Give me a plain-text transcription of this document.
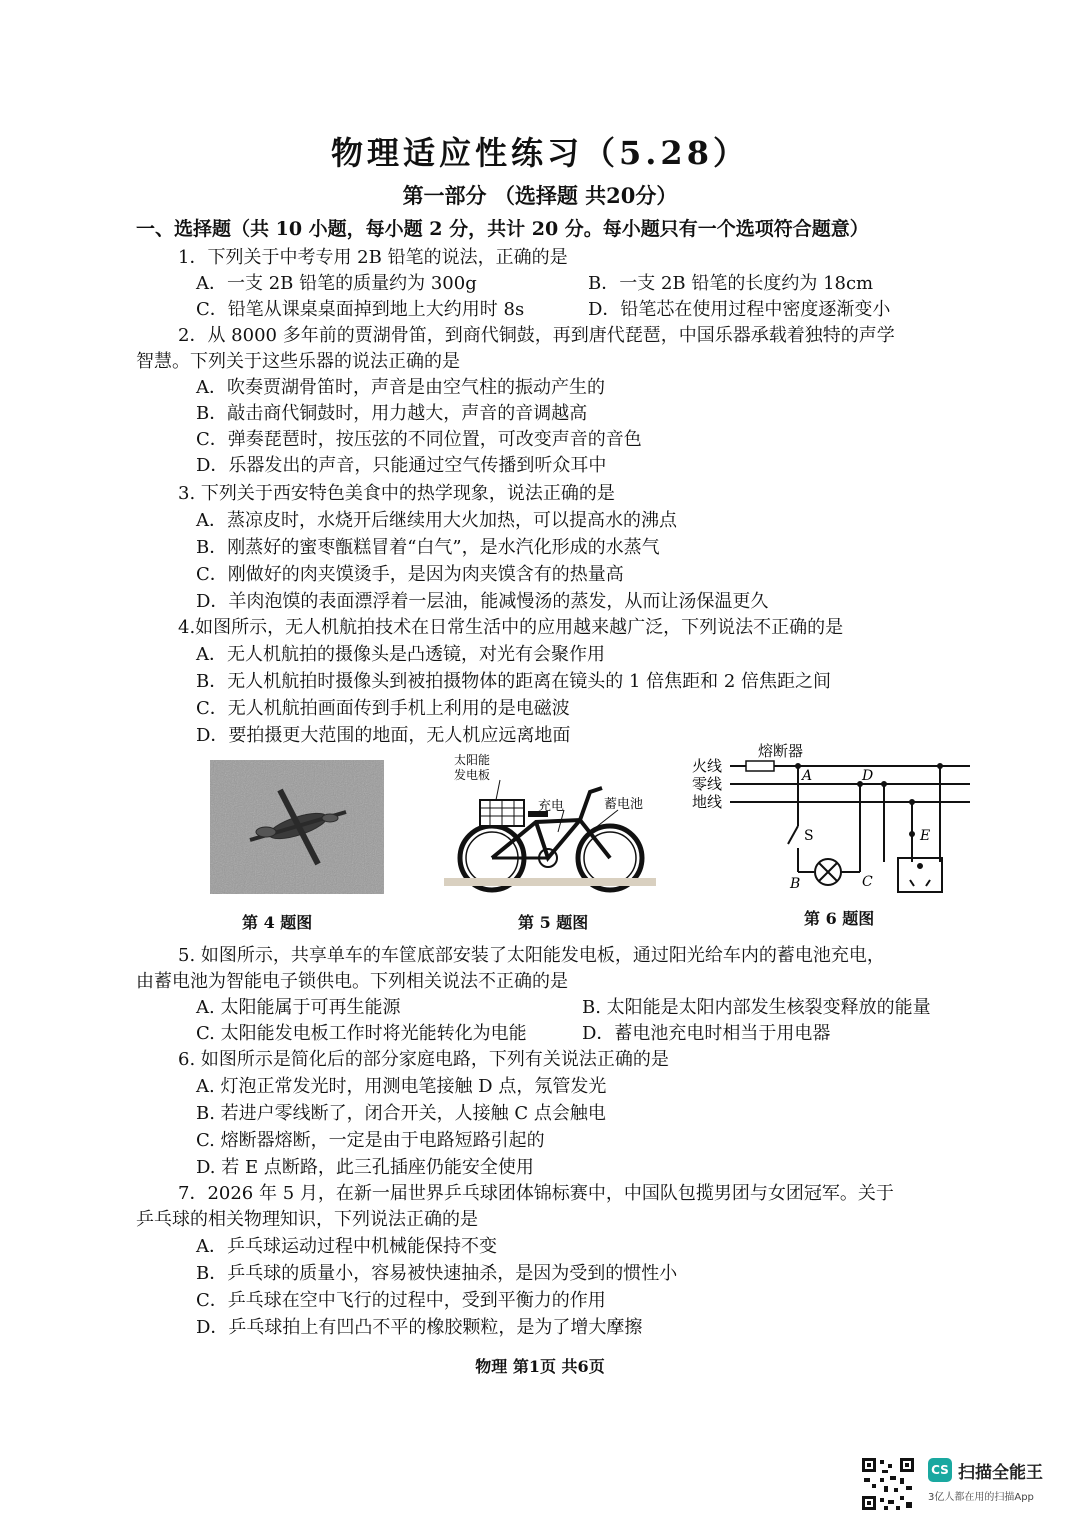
物理适应性练习（5.28）
第一部分 （选择题 共20分）
一、选择题（共 10 小题，每小题 2 分，共计 20 分。每小题只有一个选项符合题意）
1．下列关于中考专用 2B 铅笔的说法，正确的是
A．一支 2B 铅笔的质量约为 300g	B．一支 2B 铅笔的长度约为 18cm
C．铅笔从课桌桌面掉到地上大约用时 8s	D．铅笔芯在使用过程中密度逐渐变小
2．从 8000 多年前的贾湖骨笛，到商代铜鼓，再到唐代琵琶，中国乐器承载着独特的声学
智慧。下列关于这些乐器的说法正确的是
A．吹奏贾湖骨笛时，声音是由空气柱的振动产生的
B．敲击商代铜鼓时，用力越大，声音的音调越高
C．弹奏琵琶时，按压弦的不同位置，可改变声音的音色
D．乐器发出的声音，只能通过空气传播到听众耳中
3. 下列关于西安特色美食中的热学现象，说法正确的是
A．蒸凉皮时，水烧开后继续用大火加热，可以提高水的沸点
B．刚蒸好的蜜枣甑糕冒着“白气”，是水汽化形成的水蒸气
C．刚做好的肉夹馍烫手，是因为肉夹馍含有的热量高
D．羊肉泡馍的表面漂浮着一层油，能减慢汤的蒸发，从而让汤保温更久
4.如图所示，无人机航拍技术在日常生活中的应用越来越广泛，下列说法不正确的是
A．无人机航拍的摄像头是凸透镜，对光有会聚作用
B．无人机航拍时摄像头到被拍摄物体的距离在镜头的 1 倍焦距和 2 倍焦距之间
C．无人机航拍画面传到手机上利用的是电磁波
D．要拍摄更大范围的地面，无人机应远离地面
太阳能
发电板
充电	蓄电池
熔断器
火线
零线
地线
A	D
S
B	C
E
第 4 题图	第 5 题图	第 6 题图
5. 如图所示，共享单车的车筐底部安装了太阳能发电板，通过阳光给车内的蓄电池充电，
由蓄电池为智能电子锁供电。下列相关说法不正确的是
A. 太阳能属于可再生能源	B. 太阳能是太阳内部发生核裂变释放的能量
C. 太阳能发电板工作时将光能转化为电能	D．蓄电池充电时相当于用电器
6. 如图所示是简化后的部分家庭电路，下列有关说法正确的是
A. 灯泡正常发光时，用测电笔接触 D 点，氖管发光
B. 若进户零线断了，闭合开关，人接触 C 点会触电
C. 熔断器熔断，一定是由于电路短路引起的
D. 若 E 点断路，此三孔插座仍能安全使用
7．2026 年 5 月，在新一届世界乒乓球团体锦标赛中，中国队包揽男团与女团冠军。关于
乒乓球的相关物理知识，下列说法正确的是
A．乒乓球运动过程中机械能保持不变
B．乒乓球的质量小，容易被快速抽杀，是因为受到的惯性小
C．乒乓球在空中飞行的过程中，受到平衡力的作用
D．乒乓球拍上有凹凸不平的橡胶颗粒，是为了增大摩擦
物理 第1页 共6页
CS 扫描全能王
3亿人都在用的扫描App
